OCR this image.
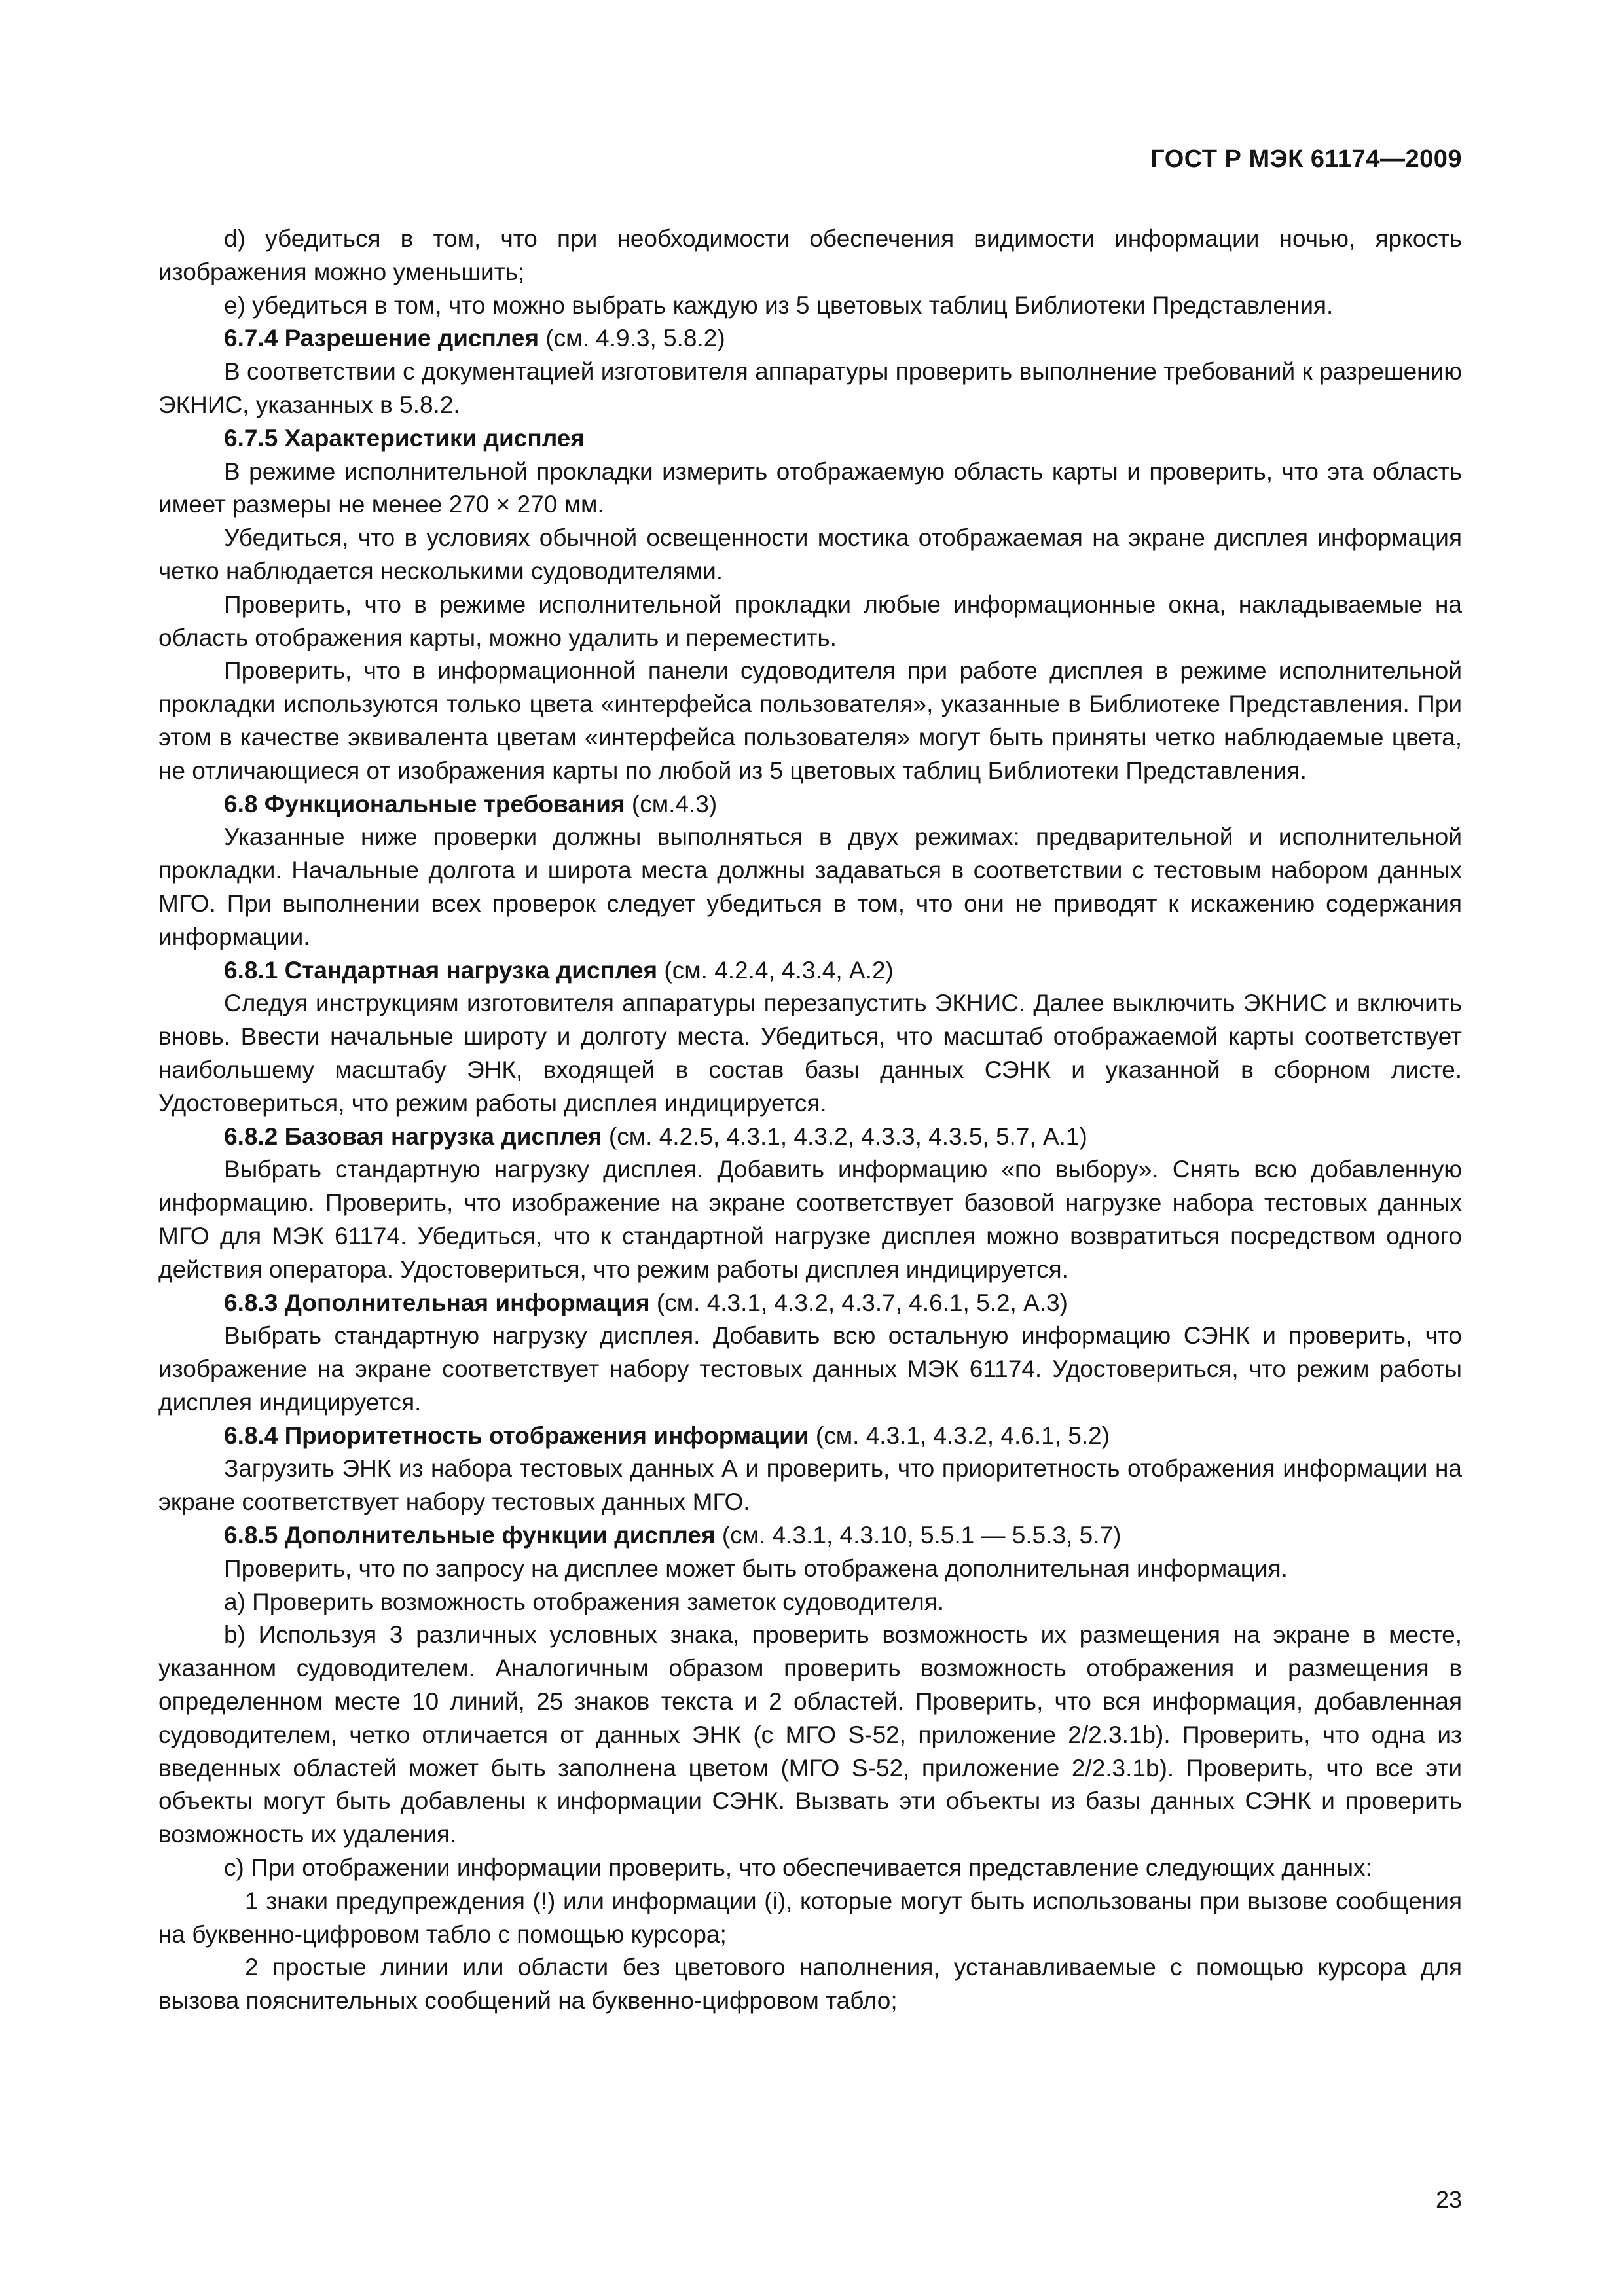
ГОСТ Р МЭК 61174—2009

d) убедиться в том, что при необходимости обеспечения видимости информации ночью, яркость изображения можно уменьшить;

е) убедиться в том, что можно выбрать каждую из 5 цветовых таблиц Библиотеки Представления.

6.7.4 Разрешение дисплея (см. 4.9.3, 5.8.2)

В соответствии с документацией изготовителя аппаратуры проверить выполнение требований к разрешению ЭКНИС, указанных в 5.8.2.

6.7.5 Характеристики дисплея

В режиме исполнительной прокладки измерить отображаемую область карты и проверить, что эта область имеет размеры не менее 270 × 270 мм.

Убедиться, что в условиях обычной освещенности мостика отображаемая на экране дисплея информация четко наблюдается несколькими судоводителями.

Проверить, что в режиме исполнительной прокладки любые информационные окна, накладываемые на область отображения карты, можно удалить и переместить.

Проверить, что в информационной панели судоводителя при работе дисплея в режиме исполнительной прокладки используются только цвета «интерфейса пользователя», указанные в Библиотеке Представления. При этом в качестве эквивалента цветам «интерфейса пользователя» могут быть приняты четко наблюдаемые цвета, не отличающиеся от изображения карты по любой из 5 цветовых таблиц Библиотеки Представления.

6.8 Функциональные требования (см.4.3)

Указанные ниже проверки должны выполняться в двух режимах: предварительной и исполнительной прокладки. Начальные долгота и широта места должны задаваться в соответствии с тестовым набором данных МГО. При выполнении всех проверок следует убедиться в том, что они не приводят к искажению содержания информации.

6.8.1 Стандартная нагрузка дисплея (см. 4.2.4, 4.3.4, А.2)

Следуя инструкциям изготовителя аппаратуры перезапустить ЭКНИС. Далее выключить ЭКНИС и включить вновь. Ввести начальные широту и долготу места. Убедиться, что масштаб отображаемой карты соответствует наибольшему масштабу ЭНК, входящей в состав базы данных СЭНК и указанной в сборном листе. Удостовериться, что режим работы дисплея индицируется.

6.8.2 Базовая нагрузка дисплея (см. 4.2.5, 4.3.1, 4.3.2, 4.3.3, 4.3.5, 5.7, А.1)

Выбрать стандартную нагрузку дисплея. Добавить информацию «по выбору». Снять всю добавленную информацию. Проверить, что изображение на экране соответствует базовой нагрузке набора тестовых данных МГО для МЭК 61174. Убедиться, что к стандартной нагрузке дисплея можно возвратиться посредством одного действия оператора. Удостовериться, что режим работы дисплея индицируется.

6.8.3 Дополнительная информация (см. 4.3.1, 4.3.2, 4.3.7, 4.6.1, 5.2, А.3)

Выбрать стандартную нагрузку дисплея. Добавить всю остальную информацию СЭНК и проверить, что изображение на экране соответствует набору тестовых данных МЭК 61174. Удостовериться, что режим работы дисплея индицируется.

6.8.4 Приоритетность отображения информации (см. 4.3.1, 4.3.2, 4.6.1, 5.2)

Загрузить ЭНК из набора тестовых данных А и проверить, что приоритетность отображения информации на экране соответствует набору тестовых данных МГО.

6.8.5 Дополнительные функции дисплея (см. 4.3.1, 4.3.10, 5.5.1 — 5.5.3, 5.7)

Проверить, что по запросу на дисплее может быть отображена дополнительная информация.

а) Проверить возможность отображения заметок судоводителя.

b) Используя 3 различных условных знака, проверить возможность их размещения на экране в месте, указанном судоводителем. Аналогичным образом проверить возможность отображения и размещения в определенном месте 10 линий, 25 знаков текста и 2 областей. Проверить, что вся информация, добавленная судоводителем, четко отличается от данных ЭНК (с МГО S-52, приложение 2/2.3.1b). Проверить, что одна из введенных областей может быть заполнена цветом (МГО S-52, приложение 2/2.3.1b). Проверить, что все эти объекты могут быть добавлены к информации СЭНК. Вызвать эти объекты из базы данных СЭНК и проверить возможность их удаления.

с) При отображении информации проверить, что обеспечивается представление следующих данных:

1 знаки предупреждения (!) или информации (i), которые могут быть использованы при вызове сообщения на буквенно-цифровом табло с помощью курсора;

2 простые линии или области без цветового наполнения, устанавливаемые с помощью курсора для вызова пояснительных сообщений на буквенно-цифровом табло;

23
